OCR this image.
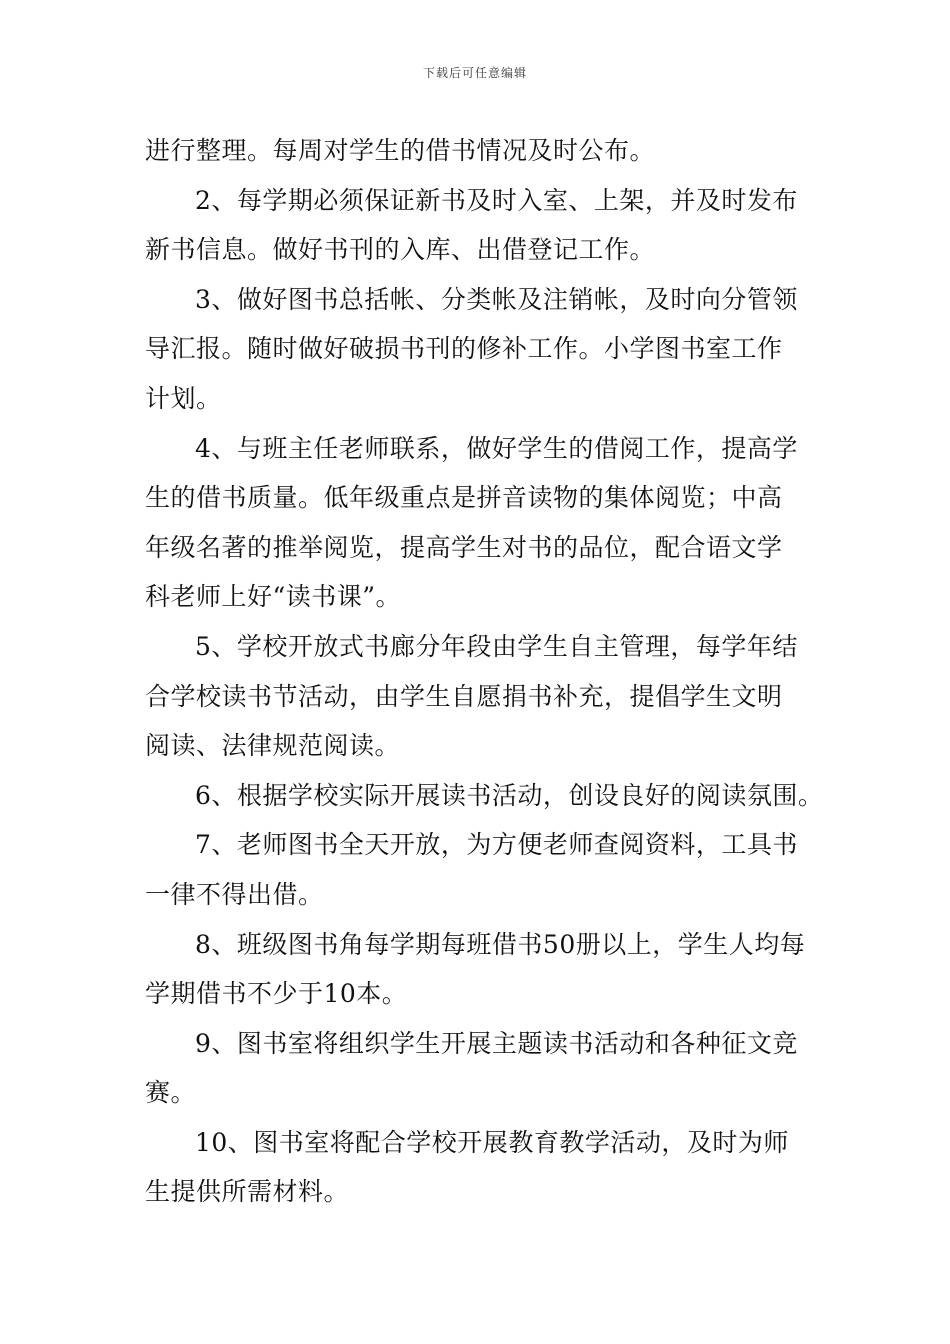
下载后可任意编辑
进行整理。每周对学生的借书情况及时公布。
2、每学期必须保证新书及时入室、上架，并及时发布
新书信息。做好书刊的入库、出借登记工作。
3、做好图书总括帐、分类帐及注销帐，及时向分管领
导汇报。随时做好破损书刊的修补工作。小学图书室工作
计划。
4、与班主任老师联系，做好学生的借阅工作，提高学
生的借书质量。低年级重点是拼音读物的集体阅览；中高
年级名著的推举阅览，提高学生对书的品位，配合语文学
科老师上好“读书课”。
5、学校开放式书廊分年段由学生自主管理，每学年结
合学校读书节活动，由学生自愿捐书补充，提倡学生文明
阅读、法律规范阅读。
6、根据学校实际开展读书活动，创设良好的阅读氛围。
7、老师图书全天开放，为方便老师查阅资料，工具书
一律不得出借。
8、班级图书角每学期每班借书50册以上，学生人均每
学期借书不少于10本。
9、图书室将组织学生开展主题读书活动和各种征文竞
赛。
10、图书室将配合学校开展教育教学活动，及时为师
生提供所需材料。
